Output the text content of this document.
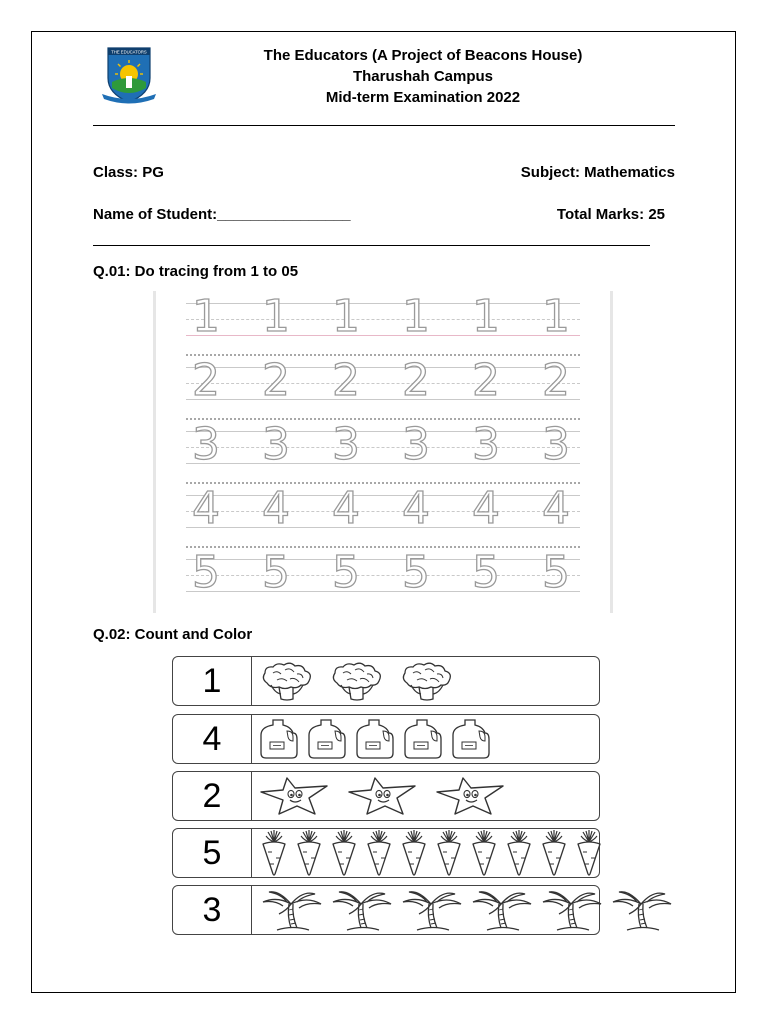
THE EDUCATORS	The Educators (A Project of Beacons House)
Tharushah Campus
Mid-term Examination 2022
Class: PG	Subject: Mathematics
Name of Student:________________	Total Marks: 25
Q.01: Do tracing from 1 to 05
1 1 1 1 1 1
2 2 2 2 2 2
3 3 3 3 3 3
4 4 4 4 4 4
5 5 5 5 5 5
Q.02: Count and Color
1
4
2
5
3
